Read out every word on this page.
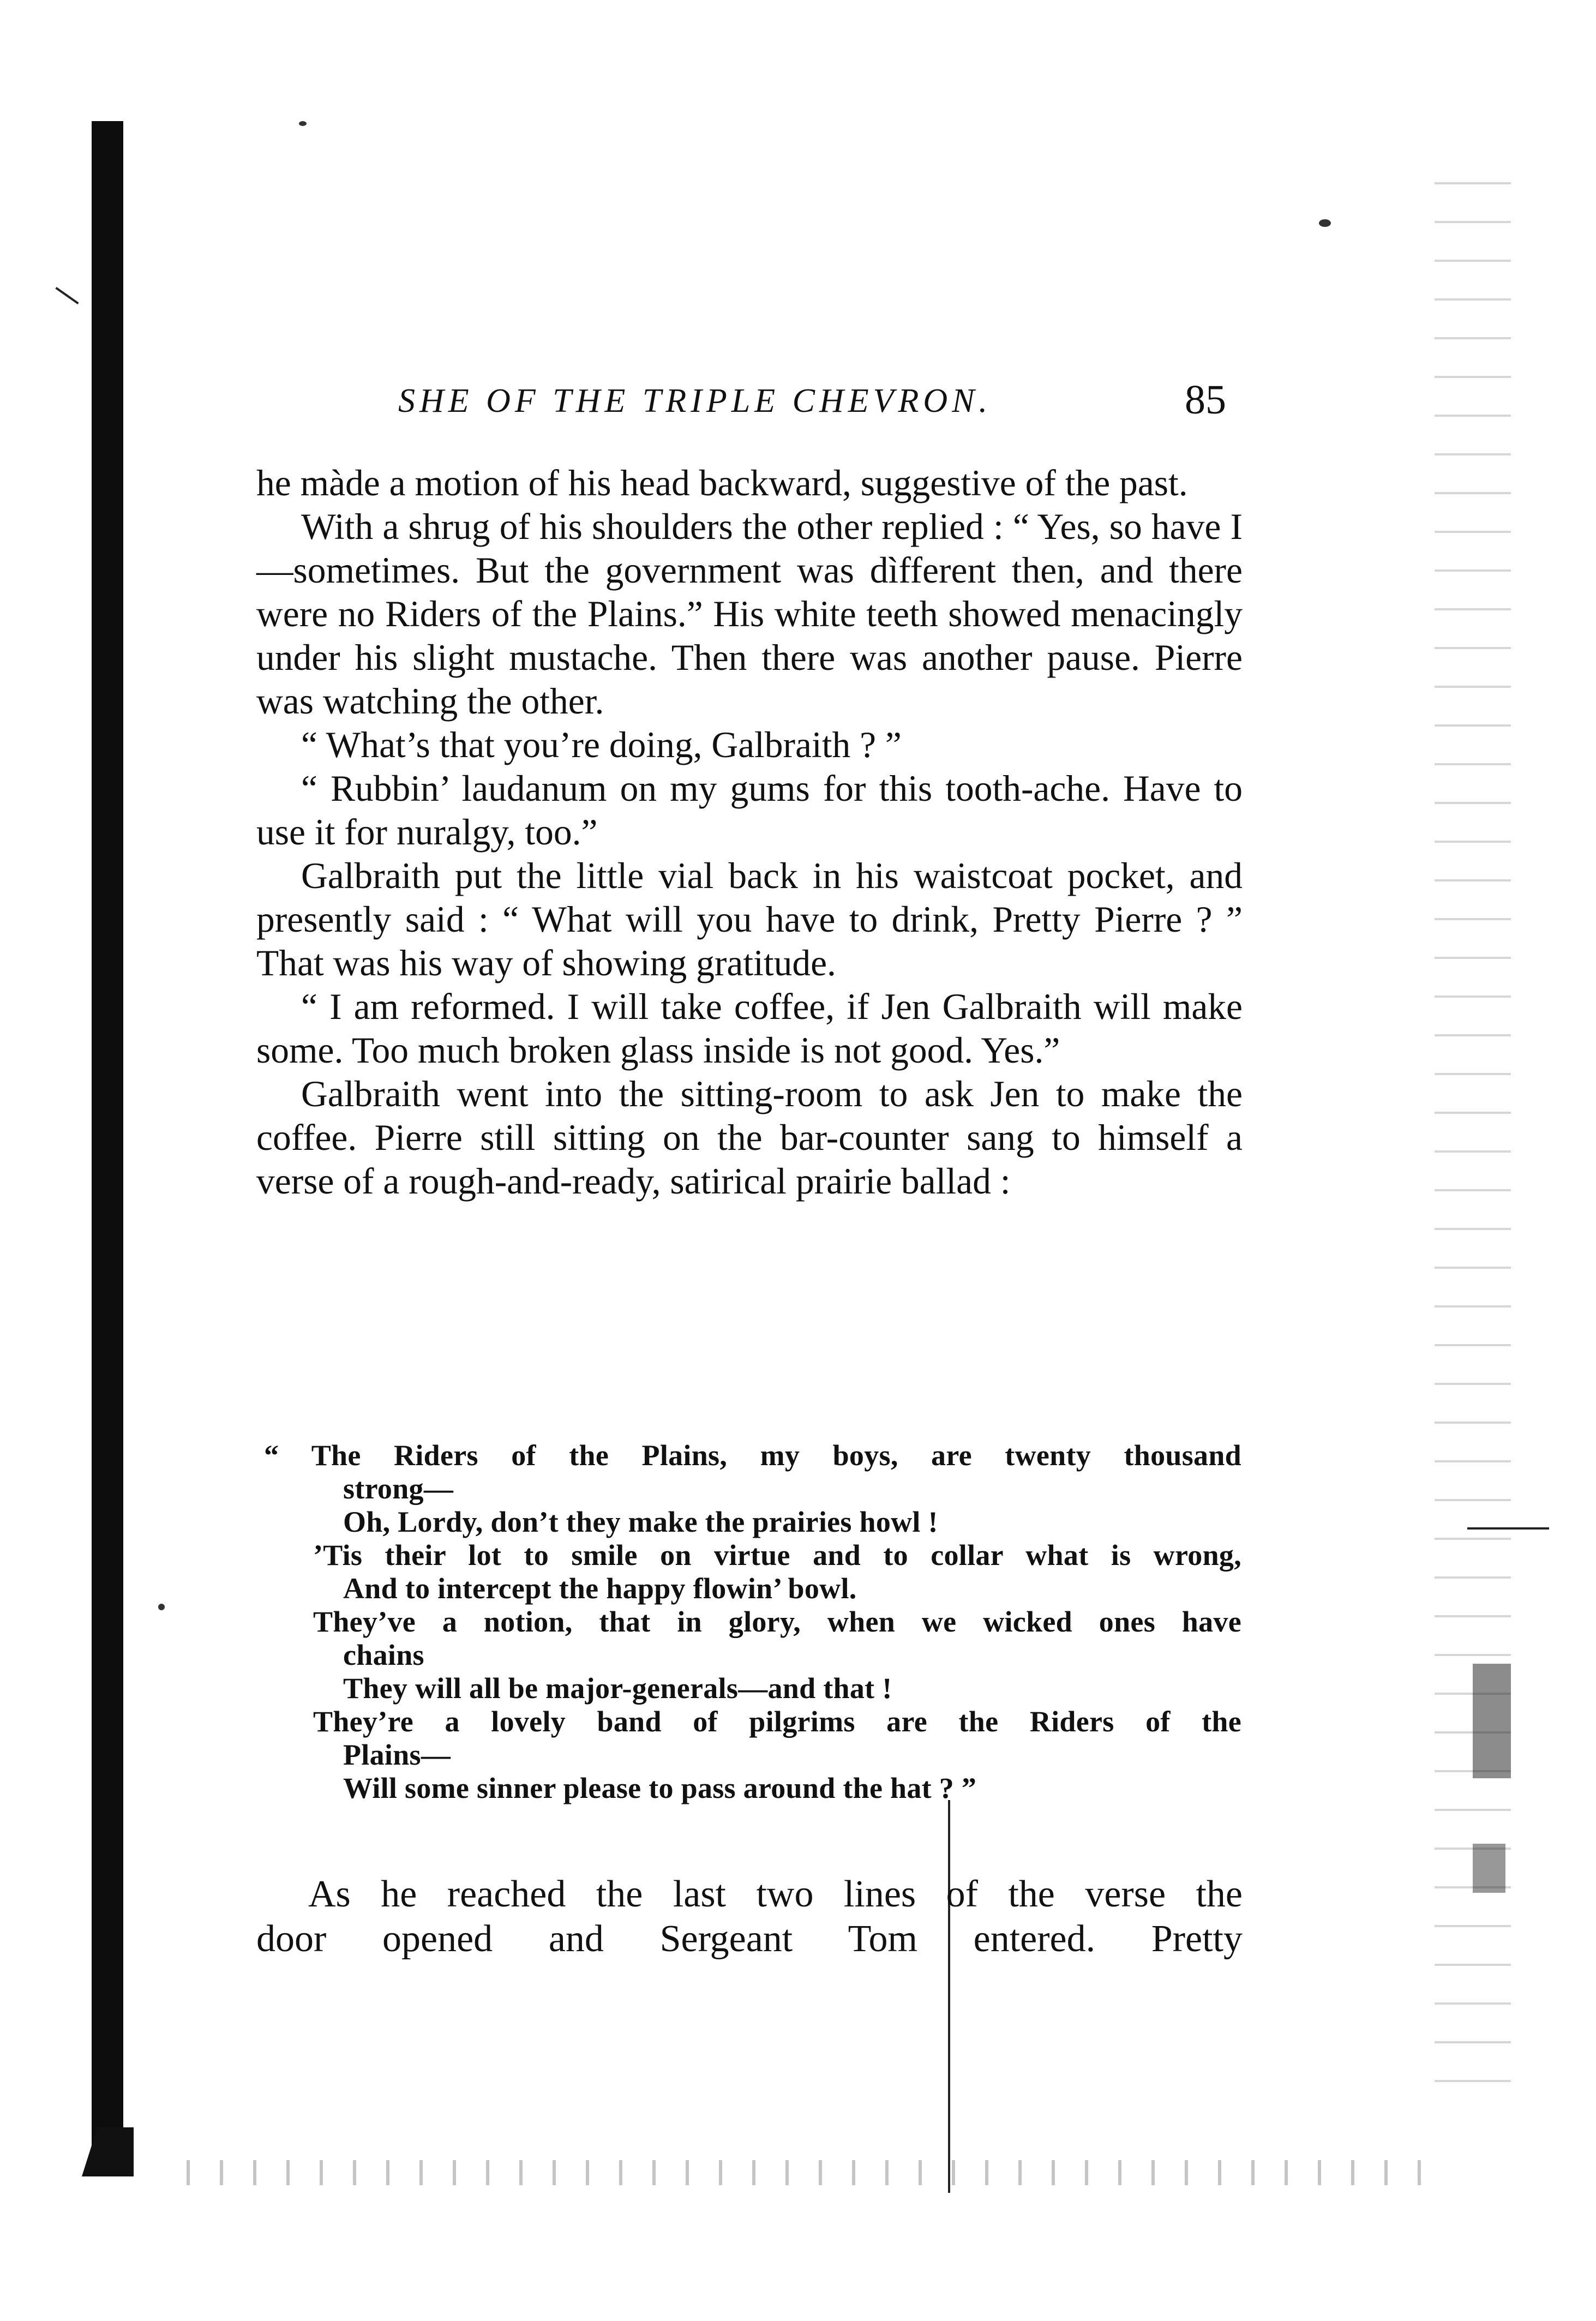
SHE OF THE TRIPLE CHEVRON.	85

he màde a motion of his head backward, suggestive of the past.

With a shrug of his shoulders the other replied : “ Yes, so have I—sometimes. But the government was dìfferent then, and there were no Riders of the Plains.” His white teeth showed menacingly under his slight mustache. Then there was another pause. Pierre was watching the other.

“ What’s that you’re doing, Galbraith ? ”

“ Rubbin’ laudanum on my gums for this tooth-ache. Have to use it for nuralgy, too.”

Galbraith put the little vial back in his waistcoat pocket, and presently said : “ What will you have to drink, Pretty Pierre ? ” That was his way of showing gratitude.

“ I am reformed. I will take coffee, if Jen Galbraith will make some. Too much broken glass inside is not good. Yes.”

Galbraith went into the sitting-room to ask Jen to make the coffee. Pierre still sitting on the bar-counter sang to himself a verse of a rough-and-ready, satirical prairie ballad :

“ The Riders of the Plains, my boys, are twenty thousand
strong—
Oh, Lordy, don’t they make the prairies howl !
’Tis their lot to smile on virtue and to collar what is wrong,
And to intercept the happy flowin’ bowl.
They’ve a notion, that in glory, when we wicked ones have
chains
They will all be major-generals—and that !
They’re a lovely band of pilgrims are the Riders of the
Plains—
Will some sinner please to pass around the hat ? ”
As he reached the last two lines of the verse the
door opened and Sergeant Tom entered. Pretty
